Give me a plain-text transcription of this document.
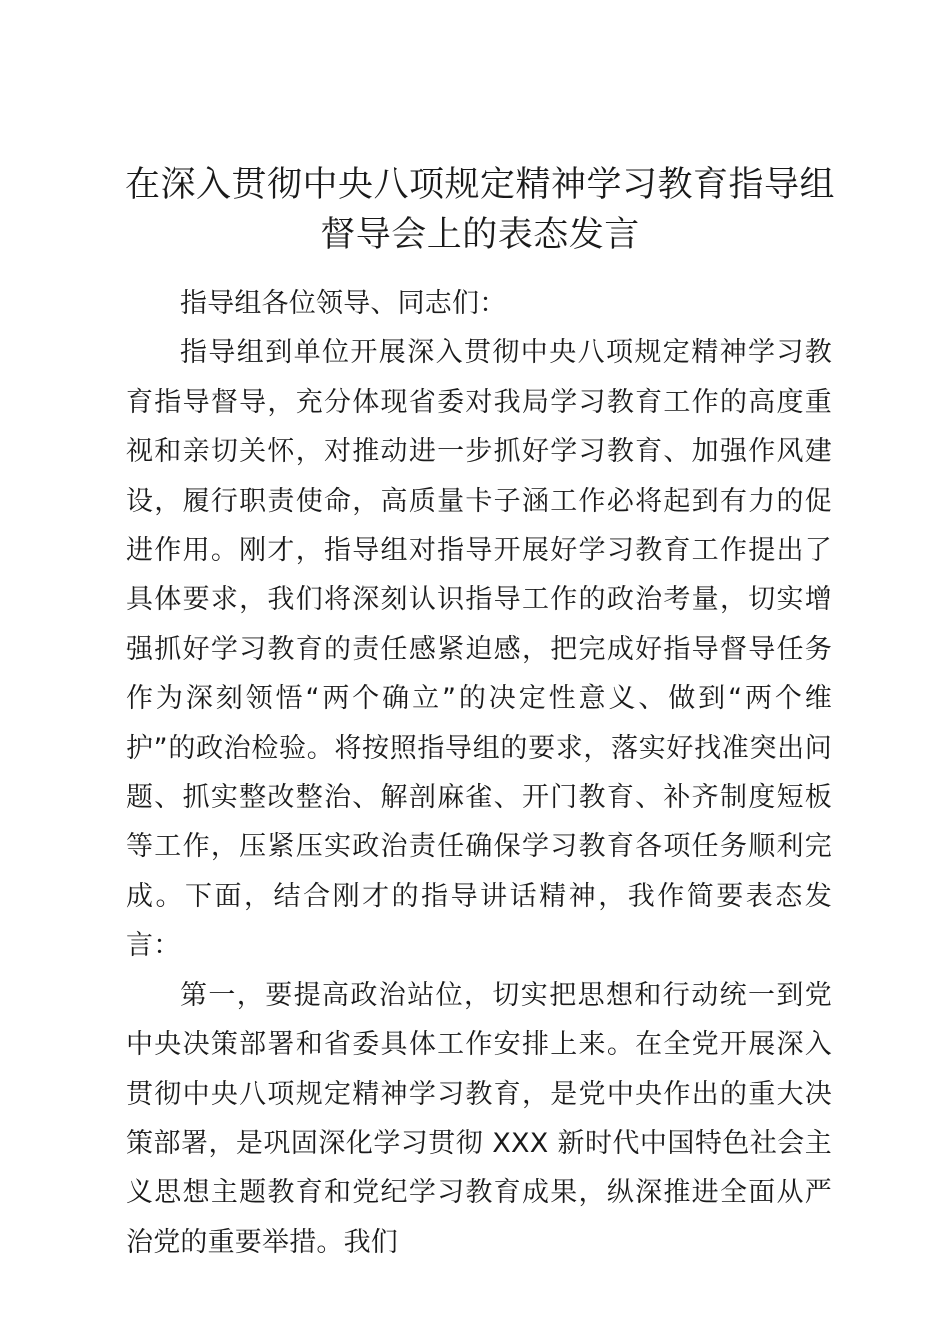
在深入贯彻中央八项规定精神学习教育指导组督导会上的表态发言

指导组各位领导、同志们：

指导组到单位开展深入贯彻中央八项规定精神学习教育指导督导，充分体现省委对我局学习教育工作的高度重视和亲切关怀，对推动进一步抓好学习教育、加强作风建设，履行职责使命，高质量卡子涵工作必将起到有力的促进作用。刚才，指导组对指导开展好学习教育工作提出了具体要求，我们将深刻认识指导工作的政治考量，切实增强抓好学习教育的责任感紧迫感，把完成好指导督导任务作为深刻领悟“两个确立”的决定性意义、做到“两个维护”的政治检验。将按照指导组的要求，落实好找准突出问题、抓实整改整治、解剖麻雀、开门教育、补齐制度短板等工作，压紧压实政治责任确保学习教育各项任务顺利完成。下面，结合刚才的指导讲话精神，我作简要表态发言：

第一，要提高政治站位，切实把思想和行动统一到党中央决策部署和省委具体工作安排上来。在全党开展深入贯彻中央八项规定精神学习教育，是党中央作出的重大决策部署，是巩固深化学习贯彻 XXX 新时代中国特色社会主义思想主题教育和党纪学习教育成果，纵深推进全面从严治党的重要举措。我们
